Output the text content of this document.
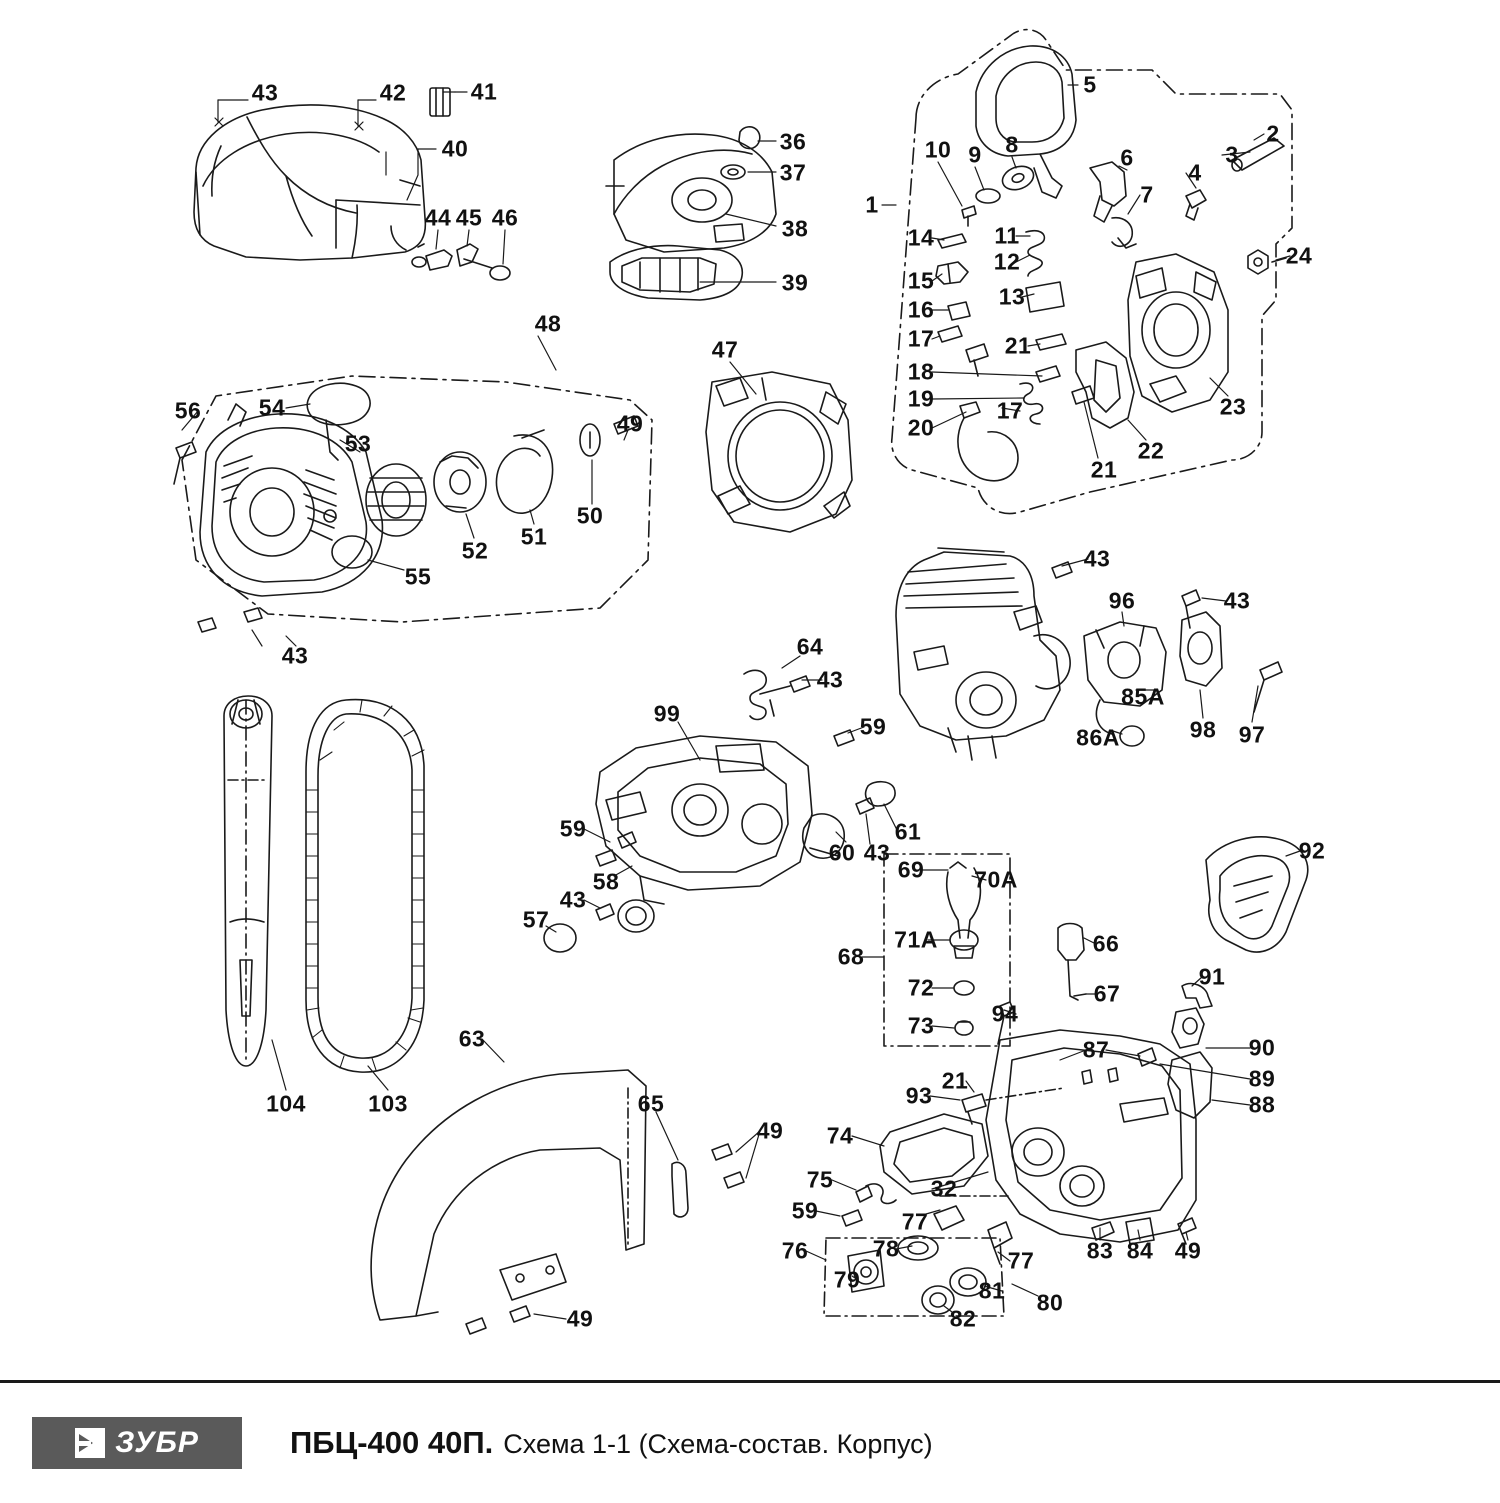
43	42	41
40
44 45 46
36
37
38
39
5
2
3
4
6
7
8
9
10
1
14	11
12
15
13
16
17	21
18
19	17
20
24
23
22
21
48
47
56 54
53
49
50
51
52
55
43
43
43
96
85A
86A	98 97
64
43
99	59
59
58
43
57
60 43
61
92
69 70A
71A	66
68
72	67
91
73 94
87	90
89
88
21
93
74
63
65
49
104	103
75	32
59	77
76	78	77 83 84 49
79	81 80
82
49
ЗУБР	ПБЦ-400 40П. Схема 1-1 (Схема-состав. Корпус)
